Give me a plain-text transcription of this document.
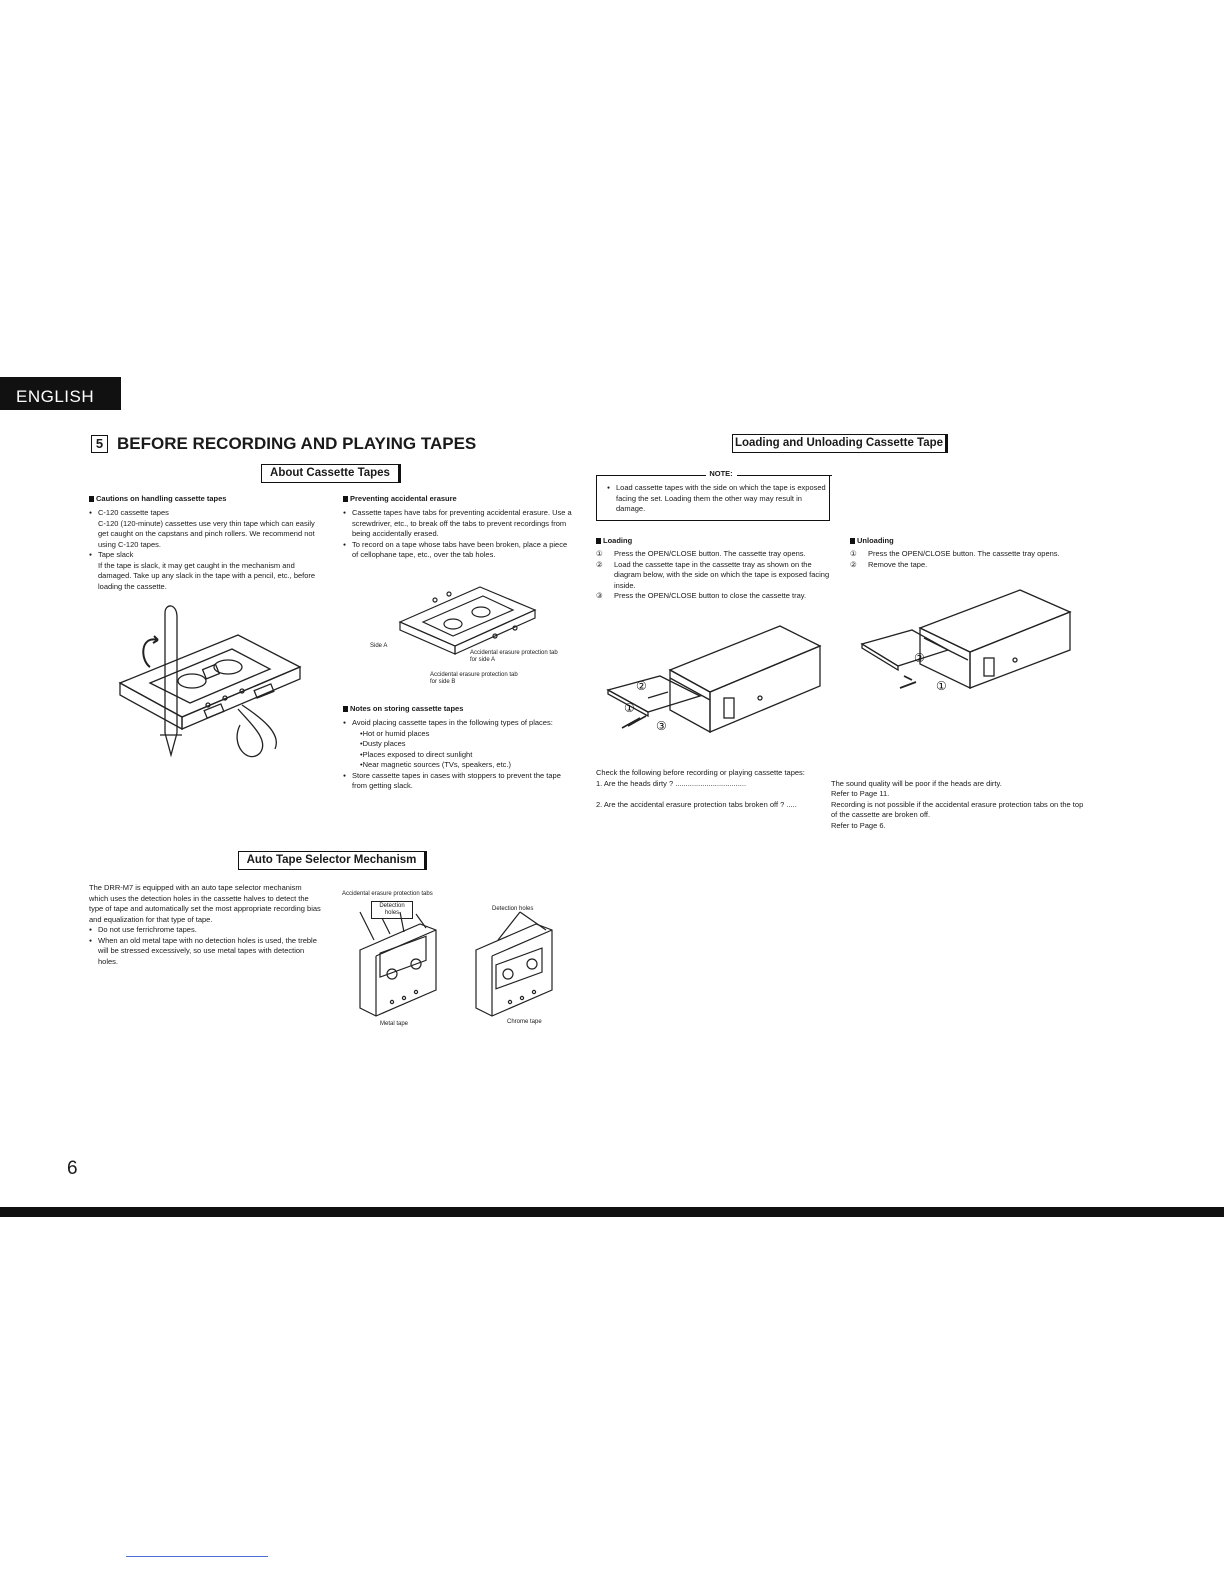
ENGLISH
5 BEFORE RECORDING AND PLAYING TAPES
About Cassette Tapes
Cautions on handling cassette tapes
● C-120 cassette tapes
C-120 (120-minute) cassettes use very thin tape which can easily get caught on the capstans and pinch rollers. We recommend not using C-120 tapes.
● Tape slack
If the tape is slack, it may get caught in the mechanism and damaged. Take up any slack in the tape with a pencil, etc., before loading the cassette.
Preventing accidental erasure
● Cassette tapes have tabs for preventing accidental erasure. Use a screwdriver, etc., to break off the tabs to prevent recordings from being accidentally erased.
● To record on a tape whose tabs have been broken, place a piece of cellophane tape, etc., over the tab holes.
Side A
Accidental erasure protection tab for side A
Accidental erasure protection tab for side B
Notes on storing cassette tapes
● Avoid placing cassette tapes in the following types of places:
•Hot or humid places
•Dusty places
•Places exposed to direct sunlight
•Near magnetic sources (TVs, speakers, etc.)
● Store cassette tapes in cases with stoppers to prevent the tape from getting slack.
Loading and Unloading Cassette Tape
NOTE:
● Load cassette tapes with the side on which the tape is exposed facing the set. Loading them the other way may result in damage.
Loading
①	Press the OPEN/CLOSE button. The cassette tray opens.
②	Load the cassette tape in the cassette tray as shown on the diagram below, with the side on which the tape is exposed facing inside.
③	Press the OPEN/CLOSE button to close the cassette tray.
Unloading
①	Press the OPEN/CLOSE button. The cassette tray opens.
②	Remove the tape.
②
①
③
②
①
Check the following before recording or playing cassette tapes:
1. Are the heads dirty ? ..................................	The sound quality will be poor if the heads are dirty.
Refer to Page 11.
2. Are the accidental erasure protection tabs broken off ? .....	Recording is not possible if the accidental erasure protection tabs on the top of the cassette are broken off.
Refer to Page 6.
Auto Tape Selector Mechanism
The DRR-M7 is equipped with an auto tape selector mechanism which uses the detection holes in the cassette halves to detect the type of tape and automatically set the most appropriate recording bias and equalization for that type of tape.
● Do not use ferrichrome tapes.
● When an old metal tape with no detection holes is used, the treble will be stressed excessively, so use metal tapes with detection holes.
Accidental erasure protection tabs
Detection holes
Detection holes
Metal tape	Chrome tape
6
